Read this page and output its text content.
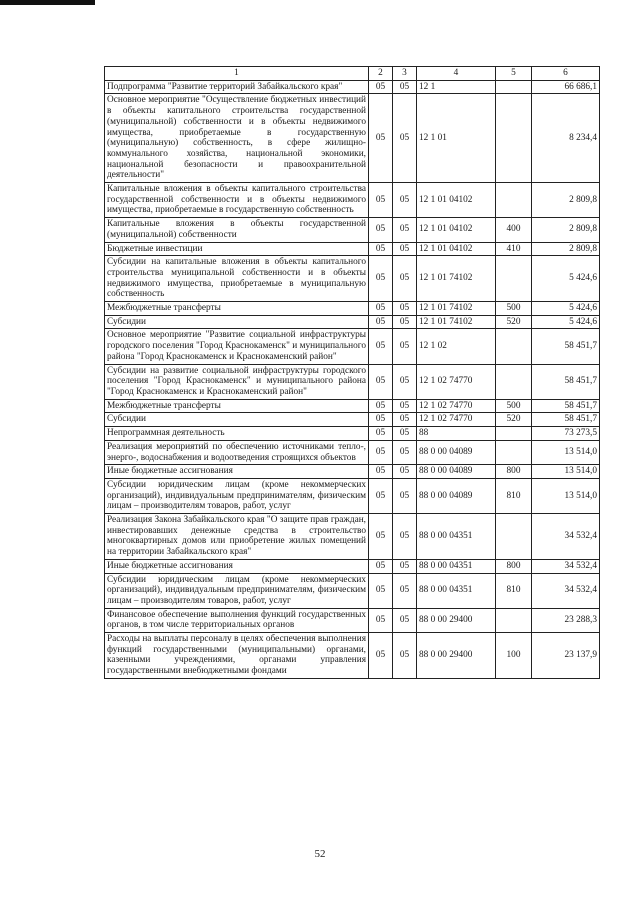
1	2	3	4	5	6
Подпрограмма "Развитие территорий Забайкальского края"	05	05	12 1		66 686,1
Основное мероприятие "Осуществление бюджетных инвестиций в объекты капитального строительства государственной (муниципальной) собственности и в объекты недвижимого имущества, приобретаемые в государственную (муниципальную) собственность, в сфере жилищно-коммунального хозяйства, национальной экономики, национальной безопасности и правоохранительной деятельности"	05	05	12 1 01		8 234,4
Капитальные вложения в объекты капитального строительства государственной собственности и в объекты недвижимого имущества, приобретаемые в государственную собственность	05	05	12 1 01 04102		2 809,8
Капитальные вложения в объекты государственной (муниципальной) собственности	05	05	12 1 01 04102	400	2 809,8
Бюджетные инвестиции	05	05	12 1 01 04102	410	2 809,8
Субсидии на капитальные вложения в объекты капитального строительства муниципальной собственности и в объекты недвижимого имущества, приобретаемые в муниципальную собственность	05	05	12 1 01 74102		5 424,6
Межбюджетные трансферты	05	05	12 1 01 74102	500	5 424,6
Субсидии	05	05	12 1 01 74102	520	5 424,6
Основное мероприятие "Развитие социальной инфраструктуры городского поселения "Город Краснокаменск" и муниципального района "Город Краснокаменск и Краснокаменский район"	05	05	12 1 02		58 451,7
Субсидии на развитие социальной инфраструктуры городского поселения "Город Краснокаменск" и муниципального района "Город Краснокаменск и Краснокаменский район"	05	05	12 1 02 74770		58 451,7
Межбюджетные трансферты	05	05	12 1 02 74770	500	58 451,7
Субсидии	05	05	12 1 02 74770	520	58 451,7
Непрограммная деятельность	05	05	88		73 273,5
Реализация мероприятий по обеспечению источниками тепло-, энерго-, водоснабжения и водоотведения строящихся объектов	05	05	88 0 00 04089		13 514,0
Иные бюджетные ассигнования	05	05	88 0 00 04089	800	13 514,0
Субсидии юридическим лицам (кроме некоммерческих организаций), индивидуальным предпринимателям, физическим лицам – производителям товаров, работ, услуг	05	05	88 0 00 04089	810	13 514,0
Реализация Закона Забайкальского края "О защите прав граждан, инвестировавших денежные средства в строительство многоквартирных домов или приобретение жилых помещений на территории Забайкальского края"	05	05	88 0 00 04351		34 532,4
Иные бюджетные ассигнования	05	05	88 0 00 04351	800	34 532,4
Субсидии юридическим лицам (кроме некоммерческих организаций), индивидуальным предпринимателям, физическим лицам – производителям товаров, работ, услуг	05	05	88 0 00 04351	810	34 532,4
Финансовое обеспечение выполнения функций государственных органов, в том числе территориальных органов	05	05	88 0 00 29400		23 288,3
Расходы на выплаты персоналу в целях обеспечения выполнения функций государственными (муниципальными) органами, казенными учреждениями, органами управления государственными внебюджетными фондами	05	05	88 0 00 29400	100	23 137,9
52
